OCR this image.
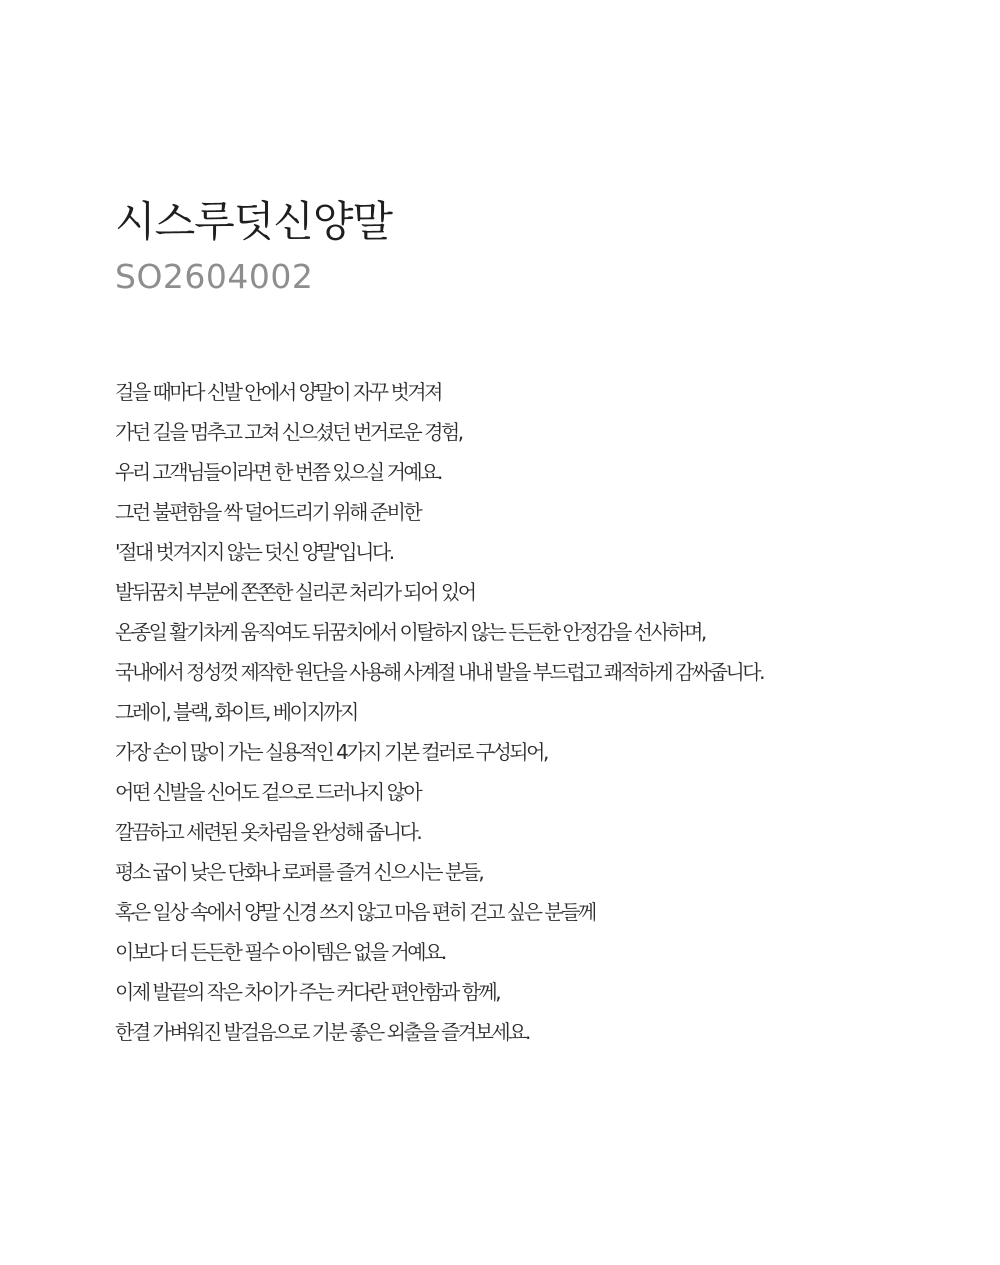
시스루덧신양말

SO2604002

걸을 때마다 신발 안에서 양말이 자꾸 벗겨져

가던 길을 멈추고 고쳐 신으셨던 번거로운 경험,

우리 고객님들이라면 한 번쯤 있으실 거예요.

그런 불편함을 싹 덜어드리기 위해 준비한

'절대 벗겨지지 않는 덧신 양말'입니다.

발뒤꿈치 부분에 쫀쫀한 실리콘 처리가 되어 있어

온종일 활기차게 움직여도 뒤꿈치에서 이탈하지 않는 든든한 안정감을 선사하며,

국내에서 정성껏 제작한 원단을 사용해 사계절 내내 발을 부드럽고 쾌적하게 감싸줍니다.

그레이, 블랙, 화이트, 베이지까지

가장 손이 많이 가는 실용적인 4가지 기본 컬러로 구성되어,

어떤 신발을 신어도 겉으로 드러나지 않아

깔끔하고 세련된 옷차림을 완성해 줍니다.

평소 굽이 낮은 단화나 로퍼를 즐겨 신으시는 분들,

혹은 일상 속에서 양말 신경 쓰지 않고 마음 편히 걷고 싶은 분들께

이보다 더 든든한 필수 아이템은 없을 거예요.

이제 발끝의 작은 차이가 주는 커다란 편안함과 함께,

한결 가벼워진 발걸음으로 기분 좋은 외출을 즐겨보세요.
